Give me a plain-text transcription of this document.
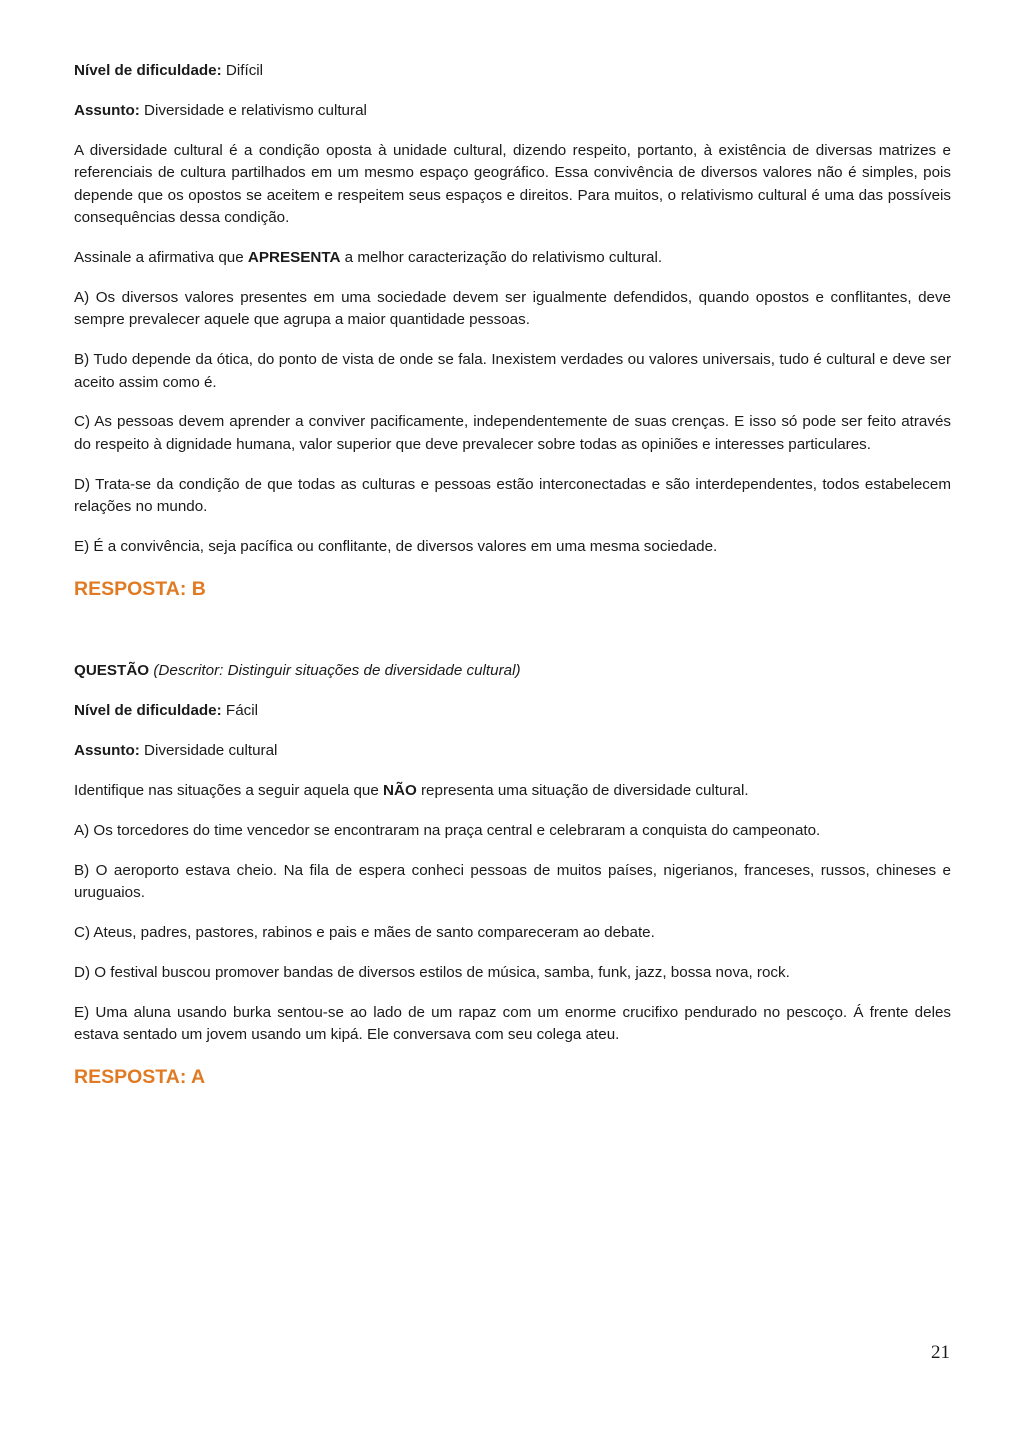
Nível de dificuldade: Difícil

Assunto: Diversidade e relativismo cultural

A diversidade cultural é a condição oposta à unidade cultural, dizendo respeito, portanto, à existência de diversas matrizes e referenciais de cultura partilhados em um mesmo espaço geográfico. Essa convivência de diversos valores não é simples, pois depende que os opostos se aceitem e respeitem seus espaços e direitos. Para muitos, o relativismo cultural é uma das possíveis consequências dessa condição.

Assinale a afirmativa que APRESENTA a melhor caracterização do relativismo cultural.

A) Os diversos valores presentes em uma sociedade devem ser igualmente defendidos, quando opostos e conflitantes, deve sempre prevalecer aquele que agrupa a maior quantidade pessoas.

B) Tudo depende da ótica, do ponto de vista de onde se fala. Inexistem verdades ou valores universais, tudo é cultural e deve ser aceito assim como é.

C) As pessoas devem aprender a conviver pacificamente, independentemente de suas crenças. E isso só pode ser feito através do respeito à dignidade humana, valor superior que deve prevalecer sobre todas as opiniões e interesses particulares.

D) Trata-se da condição de que todas as culturas e pessoas estão interconectadas e são interdependentes, todos estabelecem relações no mundo.

E) É a convivência, seja pacífica ou conflitante, de diversos valores em uma mesma sociedade.

RESPOSTA: B

QUESTÃO (Descritor: Distinguir situações de diversidade cultural)

Nível de dificuldade: Fácil

Assunto: Diversidade cultural

Identifique nas situações a seguir aquela que NÃO representa uma situação de diversidade cultural.

A) Os torcedores do time vencedor se encontraram na praça central e celebraram a conquista do campeonato.

B) O aeroporto estava cheio. Na fila de espera conheci pessoas de muitos países, nigerianos, franceses, russos, chineses e uruguaios.

C) Ateus, padres, pastores, rabinos e pais e mães de santo compareceram ao debate.

D) O festival buscou promover bandas de diversos estilos de música, samba, funk, jazz, bossa nova, rock.

E) Uma aluna usando burka sentou-se ao lado de um rapaz com um enorme crucifixo pendurado no pescoço. Á frente deles estava sentado um jovem usando um kipá. Ele conversava com seu colega ateu.

RESPOSTA: A

21
